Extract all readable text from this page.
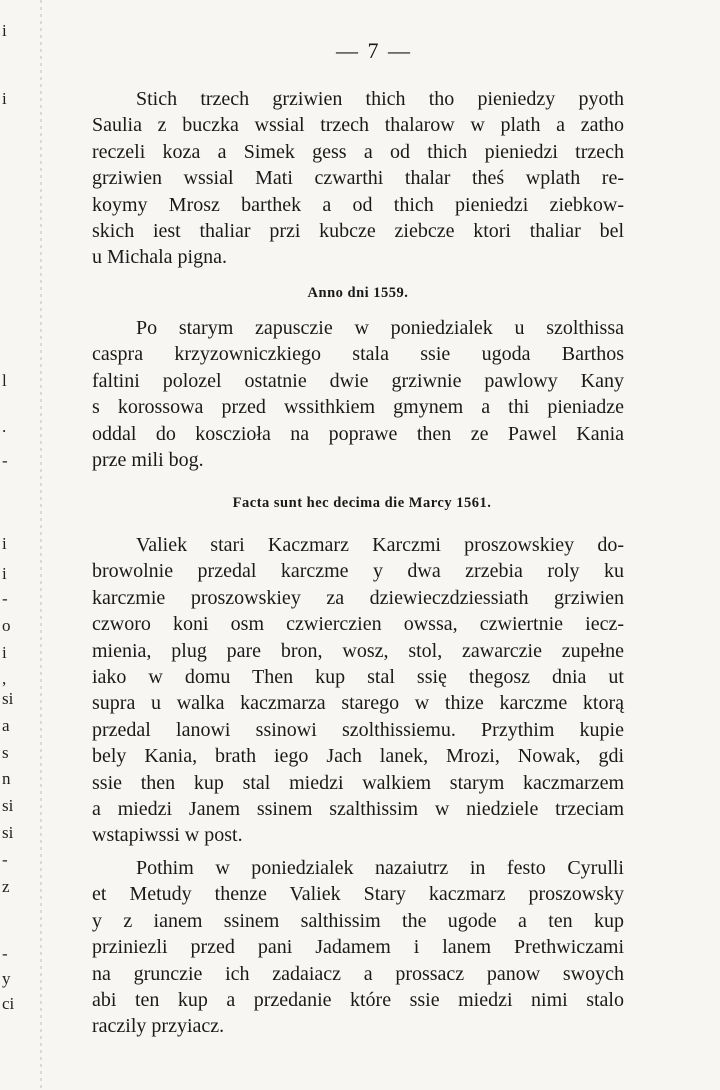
i
i
l
.
-
i
i
-
o
i
,
si
a
s
n
si
si
-
z
-
y
ci
— 7 —
Stich trzech grziwien thich tho pieniedzy pyoth
Saulia z buczka wssial trzech thalarow w plath a zatho
reczeli koza a Simek gess a od thich pieniedzi trzech
grziwien wssial Mati czwarthi thalar theś wplath re-
koymy Mrosz barthek a od thich pieniedzi ziebkow-
skich iest thaliar przi kubcze ziebcze ktori thaliar bel
u Michala pigna.
Anno dni 1559.
Po starym zapusczie w poniedzialek u szolthissa
caspra krzyzowniczkiego stala ssie ugoda Barthos
faltini polozel ostatnie dwie grziwnie pawlowy Kany
s korossowa przed wssithkiem gmynem a thi pieniadze
oddal do kosczioła na poprawe then ze Pawel Kania
prze mili bog.
Facta sunt hec decima die Marcy 1561.
Valiek stari Kaczmarz Karczmi proszowskiey do-
browolnie przedal karczme y dwa zrzebia roly ku
karczmie proszowskiey za dziewieczdziessiath grziwien
czworo koni osm czwierczien owssa, czwiertnie iecz-
mienia, plug pare bron, wosz, stol, zawarczie zupełne
iako w domu Then kup stal ssię thegosz dnia ut
supra u walka kaczmarza starego w thize karczme ktorą
przedal lanowi ssinowi szolthissiemu. Przythim kupie
bely Kania, brath iego Jach lanek, Mrozi, Nowak, gdi
ssie then kup stal miedzi walkiem starym kaczmarzem
a miedzi Janem ssinem szalthissim w niedziele trzeciam
wstapiwssi w post.
Pothim w poniedzialek nazaiutrz in festo Cyrulli
et Metudy thenze Valiek Stary kaczmarz proszowsky
y z ianem ssinem salthissim the ugode a ten kup
prziniezli przed pani Jadamem i lanem Prethwiczami
na grunczie ich zadaiacz a prossacz panow swoych
abi ten kup a przedanie które ssie miedzi nimi stalo
raczily przyiacz.
